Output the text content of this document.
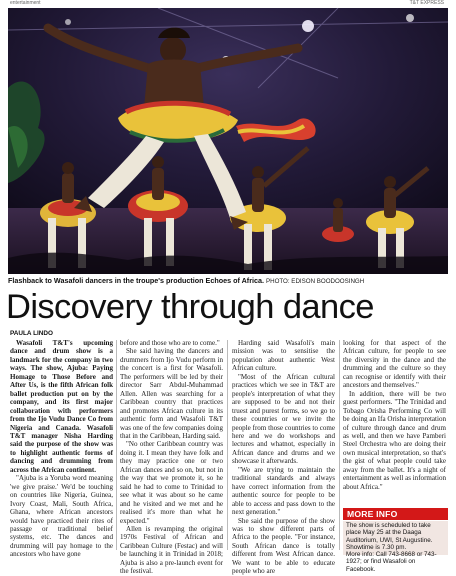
entertainment	T&T EXPRESS
Flashback to Wasafoli dancers in the troupe's production Echoes of Africa. PHOTO: EDISON BOODOOSINGH
Discovery through dance
PAULA LINDO

Wasafoli T&T's upcoming dance and drum show is a landmark for the company in two ways. The show, Ajuba: Paying Homage to Those Before and After Us, is the fifth African folk ballet production put on by the company, and its first major collaboration with performers from the Ijo Vudu Dance Co from Nigeria and Canada. Wasafoli T&T manager Nisha Harding said the purpose of the show was to highlight authentic forms of dancing and drumming from across the African continent.

"Ajuba is a Yoruba word meaning 'we give praise.' We'd be touching on countries like Nigeria, Guinea, Ivory Coast, Mali, South Africa, Ghana, where African ancestors would have practiced their rites of passage or traditional belief systems, etc. The dances and drumming will pay homage to the ancestors who have gone

before and those who are to come."

She said having the dancers and drummers from Ijo Vudu perform in the concert is a first for Wasafoli. The performers will be led by their director Sarr Abdul-Muhammad Allen. Allen was searching for a Caribbean country that practices and promotes African culture in its authentic form and Wasafoli T&T was one of the few companies doing that in the Caribbean, Harding said.

"No other Caribbean country was doing it. I mean they have folk and they may practice one or two African dances and so on, but not in the way that we promote it, so he said he had to come to Trinidad to see what it was about so he came and he visited and we met and he realised it's more than what he expected."

Allen is revamping the original 1970s Festival of African and Caribbean Culture (Festac) and will be launching it in Trinidad in 2018; Ajuba is also a pre-launch event for the festival.

Harding said Wasafoli's main mission was to sensitise the population about authentic West African culture.

"Most of the African cultural practices which we see in T&T are people's interpretation of what they are supposed to be and not their truest and purest forms, so we go to these countries or we invite the people from those countries to come here and we do workshops and lectures and whatnot, especially in African dance and drums and we showcase it afterwards.

"We are trying to maintain the traditional standards and always have correct information from the authentic source for people to be able to access and pass down to the next generation."

She said the purpose of the show was to show different parts of Africa to the people. "For instance, South African dance is totally different from West African dance. We want to be able to educate people who are

looking for that aspect of the African culture, for people to see the diversity in the dance and the drumming and the culture so they can recognise or identify with their ancestors and themselves."

In addition, there will be two guest performers. "The Trinidad and Tobago Orisha Performing Co will be doing an Ifa Orisha interpretation of culture through dance and drum as well, and then we have Pamberi Steel Orchestra who are doing their own musical interpretation, so that's the gist of what people could take away from the ballet. It's a night of entertainment as well as information about Africa."

MORE INFO

The show is scheduled to take place May 25 at the Daaga Auditorium, UWI, St Augustine. Showtime is 7.30 pm.

More info: Call 743-8668 or 743-1927; or find Wasafoli on Facebook.
